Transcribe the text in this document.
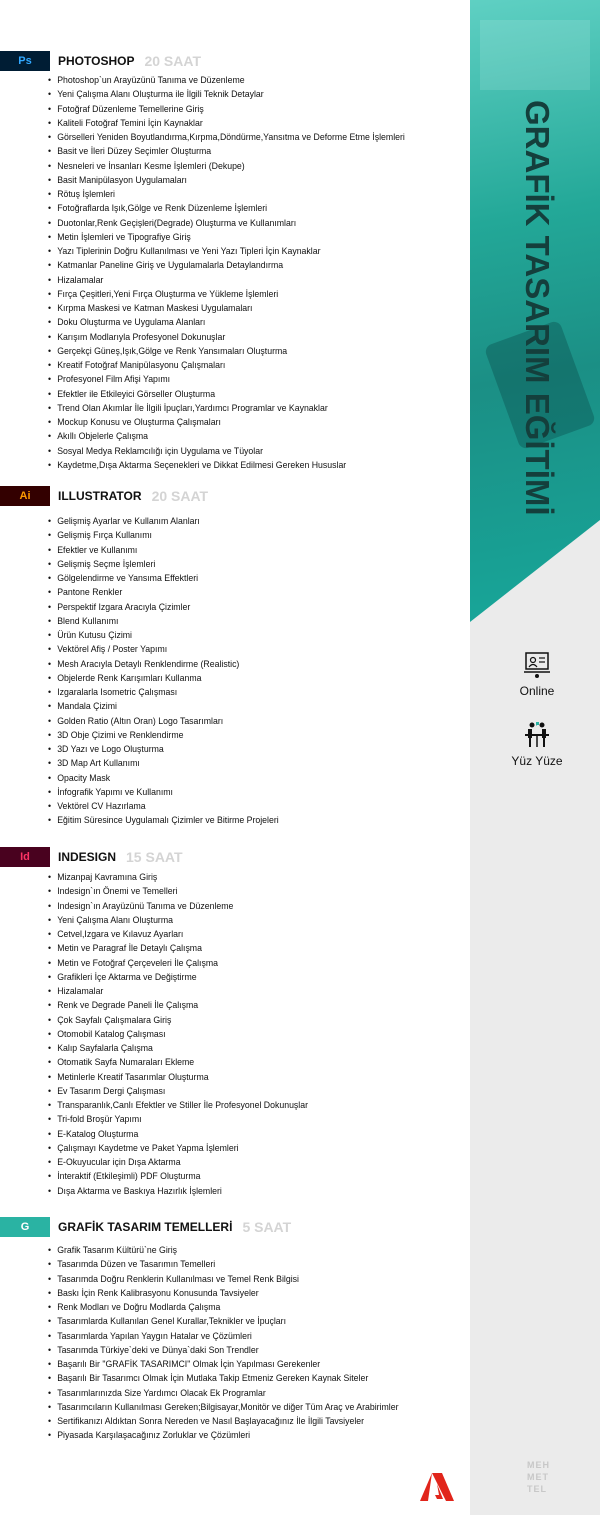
GRAFİK TASARIM EĞİTİMİ
Online
Yüz Yüze
MEH
MET
TEL
Ps	PHOTOSHOP 20 SAAT
• Photoshop`un Arayüzünü Tanıma ve Düzenleme
• Yeni Çalışma Alanı Oluşturma ile İlgili Teknik Detaylar
• Fotoğraf Düzenleme Temellerine Giriş
• Kaliteli Fotoğraf Temini İçin Kaynaklar
• Görselleri Yeniden Boyutlandırma,Kırpma,Döndürme,Yansıtma ve Deforme Etme İşlemleri
• Basit ve İleri Düzey Seçimler Oluşturma
• Nesneleri ve İnsanları Kesme İşlemleri (Dekupe)
• Basit Manipülasyon Uygulamaları
• Rötuş İşlemleri
• Fotoğraflarda Işık,Gölge ve Renk Düzenleme İşlemleri
• Duotonlar,Renk Geçişleri(Degrade) Oluşturma ve Kullanımları
• Metin İşlemleri ve Tipografiye Giriş
• Yazı Tiplerinin Doğru Kullanılması ve Yeni Yazı Tipleri İçin Kaynaklar
• Katmanlar Paneline Giriş ve Uygulamalarla Detaylandırma
• Hizalamalar
• Fırça Çeşitleri,Yeni Fırça Oluşturma ve Yükleme İşlemleri
• Kırpma Maskesi ve Katman Maskesi Uygulamaları
• Doku Oluşturma ve Uygulama Alanları
• Karışım Modlarıyla Profesyonel Dokunuşlar
• Gerçekçi Güneş,Işık,Gölge ve Renk Yansımaları Oluşturma
• Kreatif Fotoğraf Manipülasyonu Çalışmaları
• Profesyonel Film Afişi Yapımı
• Efektler ile Etkileyici Görseller Oluşturma
• Trend Olan Akımlar İle İlgili İpuçları,Yardımcı Programlar ve Kaynaklar
• Mockup Konusu ve Oluşturma Çalışmaları
• Akıllı Objelerle Çalışma
• Sosyal Medya Reklamcılığı için Uygulama ve Tüyolar
• Kaydetme,Dışa Aktarma Seçenekleri ve Dikkat Edilmesi Gereken Hususlar
Ai	ILLUSTRATOR 20 SAAT
• Gelişmiş Ayarlar ve Kullanım Alanları
• Gelişmiş Fırça Kullanımı
• Efektler ve Kullanımı
• Gelişmiş Seçme İşlemleri
• Gölgelendirme ve Yansıma Effektleri
• Pantone Renkler
• Perspektif Izgara Aracıyla Çizimler
• Blend Kullanımı
• Ürün Kutusu Çizimi
• Vektörel Afiş / Poster Yapımı
• Mesh Aracıyla Detaylı Renklendirme (Realistic)
• Objelerde Renk Karışımları Kullanma
• Izgaralarla Isometric Çalışması
• Mandala Çizimi
• Golden Ratio (Altın Oran) Logo Tasarımları
• 3D Obje Çizimi ve Renklendirme
• 3D Yazı ve Logo Oluşturma
• 3D Map Art Kullanımı
• Opacity Mask
• İnfografik Yapımı ve Kullanımı
• Vektörel CV Hazırlama
• Eğitim Süresince Uygulamalı Çizimler ve Bitirme Projeleri
Id	INDESIGN 15 SAAT
• Mizanpaj Kavramına Giriş
• Indesign`ın Önemi ve Temelleri
• Indesign`ın Arayüzünü Tanıma ve Düzenleme
• Yeni Çalışma Alanı Oluşturma
• Cetvel,Izgara ve Kılavuz Ayarları
• Metin ve Paragraf İle Detaylı Çalışma
• Metin ve Fotoğraf Çerçeveleri İle Çalışma
• Grafikleri İçe Aktarma ve Değiştirme
• Hizalamalar
• Renk ve Degrade Paneli İle Çalışma
• Çok Sayfalı Çalışmalara Giriş
• Otomobil Katalog Çalışması
• Kalıp Sayfalarla Çalışma
• Otomatik Sayfa Numaraları Ekleme
• Metinlerle Kreatif Tasarımlar Oluşturma
• Ev Tasarım Dergi Çalışması
• Transparanlık,Canlı Efektler ve Stiller İle Profesyonel Dokunuşlar
• Tri-fold Broşür Yapımı
• E-Katalog Oluşturma
• Çalışmayı Kaydetme ve Paket Yapma İşlemleri
• E-Okuyucular için Dışa Aktarma
• İnteraktif (Etkileşimli) PDF Oluşturma
• Dışa Aktarma ve Baskıya Hazırlık İşlemleri
G	GRAFİK TASARIM TEMELLERİ 5 SAAT
• Grafik Tasarım Kültürü`ne Giriş
• Tasarımda Düzen ve Tasarımın Temelleri
• Tasarımda Doğru Renklerin Kullanılması ve Temel Renk Bilgisi
• Baskı İçin Renk Kalibrasyonu Konusunda Tavsiyeler
• Renk Modları ve Doğru Modlarda Çalışma
• Tasarımlarda Kullanılan Genel Kurallar,Teknikler ve İpuçları
• Tasarımlarda Yapılan Yaygın Hatalar ve Çözümleri
• Tasarımda Türkiye`deki ve Dünya`daki Son Trendler
• Başarılı Bir "GRAFİK TASARIMCI" Olmak İçin Yapılması Gerekenler
• Başarılı Bir Tasarımcı Olmak İçin Mutlaka Takip Etmeniz Gereken Kaynak Siteler
• Tasarımlarınızda Size Yardımcı Olacak Ek Programlar
• Tasarımcıların Kullanılması Gereken;Bilgisayar,Monitör ve diğer Tüm Araç ve Arabirimler
• Sertifikanızı Aldıktan Sonra Nereden ve Nasıl Başlayacağınız İle İlgili Tavsiyeler
• Piyasada Karşılaşacağınız Zorluklar ve Çözümleri
